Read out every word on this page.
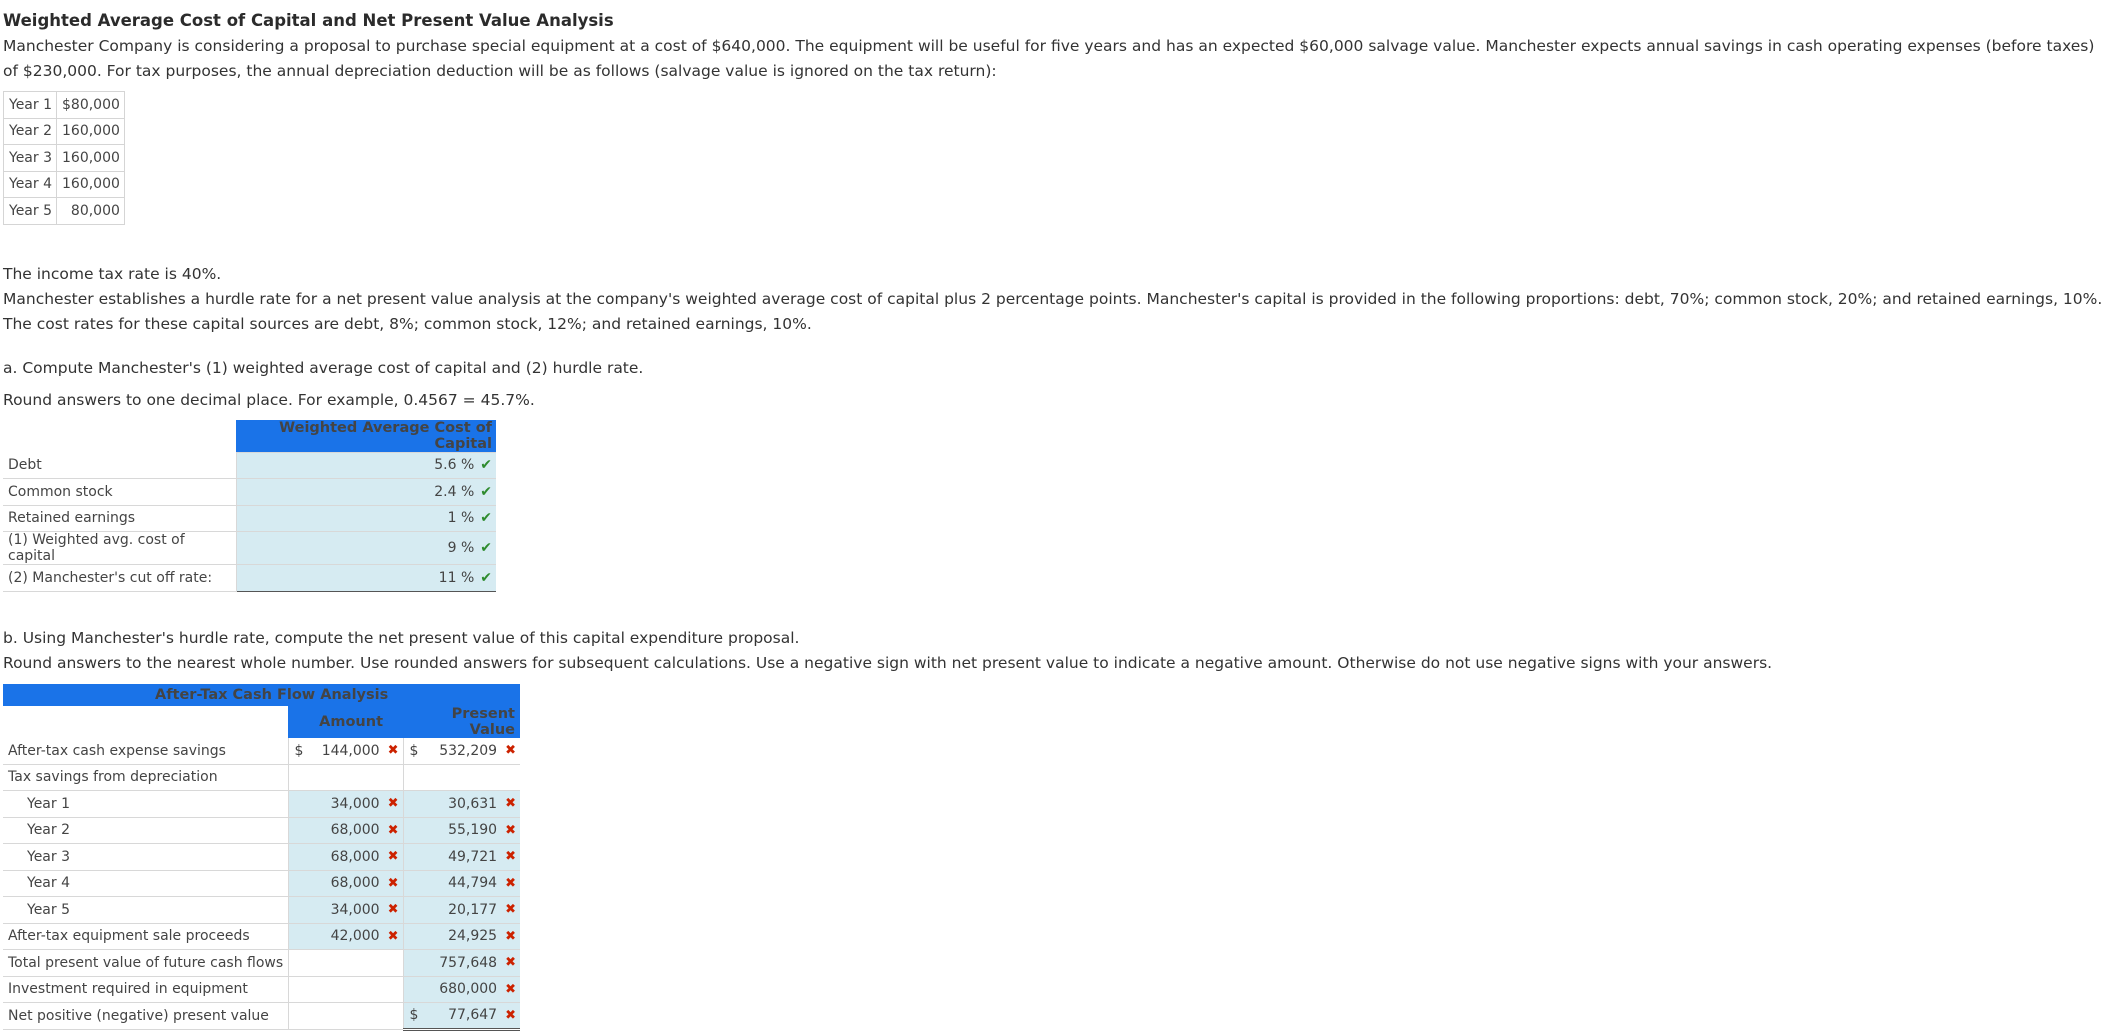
Weighted Average Cost of Capital and Net Present Value Analysis

Manchester Company is considering a proposal to purchase special equipment at a cost of $640,000. The equipment will be useful for five years and has an expected $60,000 salvage value. Manchester expects annual savings in cash operating expenses (before taxes) of $230,000. For tax purposes, the annual depreciation deduction will be as follows (salvage value is ignored on the tax return):

Year 1	$80,000
Year 2	160,000
Year 3	160,000
Year 4	160,000
Year 5	80,000

The income tax rate is 40%.

Manchester establishes a hurdle rate for a net present value analysis at the company's weighted average cost of capital plus 2 percentage points. Manchester's capital is provided in the following proportions: debt, 70%; common stock, 20%; and retained earnings, 10%.

The cost rates for these capital sources are debt, 8%; common stock, 12%; and retained earnings, 10%.

a. Compute Manchester's (1) weighted average cost of capital and (2) hurdle rate.

Round answers to one decimal place. For example, 0.4567 = 45.7%.

	Weighted Average Cost of Capital
Debt	5.6 % ✔
Common stock	2.4 % ✔
Retained earnings	1 % ✔
(1) Weighted avg. cost of capital	9 % ✔
(2) Manchester's cut off rate:	11 % ✔

b. Using Manchester's hurdle rate, compute the net present value of this capital expenditure proposal.

Round answers to the nearest whole number. Use rounded answers for subsequent calculations. Use a negative sign with net present value to indicate a negative amount. Otherwise do not use negative signs with your answers.

After-Tax Cash Flow Analysis		
	Amount	Present Value
After-tax cash expense savings	$ 144,000 ✖	$ 532,209 ✖

Tax savings from depreciation		
Year 1	34,000 ✖	30,631 ✖

Year 2	68,000 ✖	55,190 ✖

Year 3	68,000 ✖	49,721 ✖

Year 4	68,000 ✖	44,794 ✖

Year 5	34,000 ✖	20,177 ✖

After-tax equipment sale proceeds	42,000 ✖	24,925 ✖

Total present value of future cash flows		757,648 ✖

Investment required in equipment		680,000 ✖

Net positive (negative) present value		$ 77,647 ✖
